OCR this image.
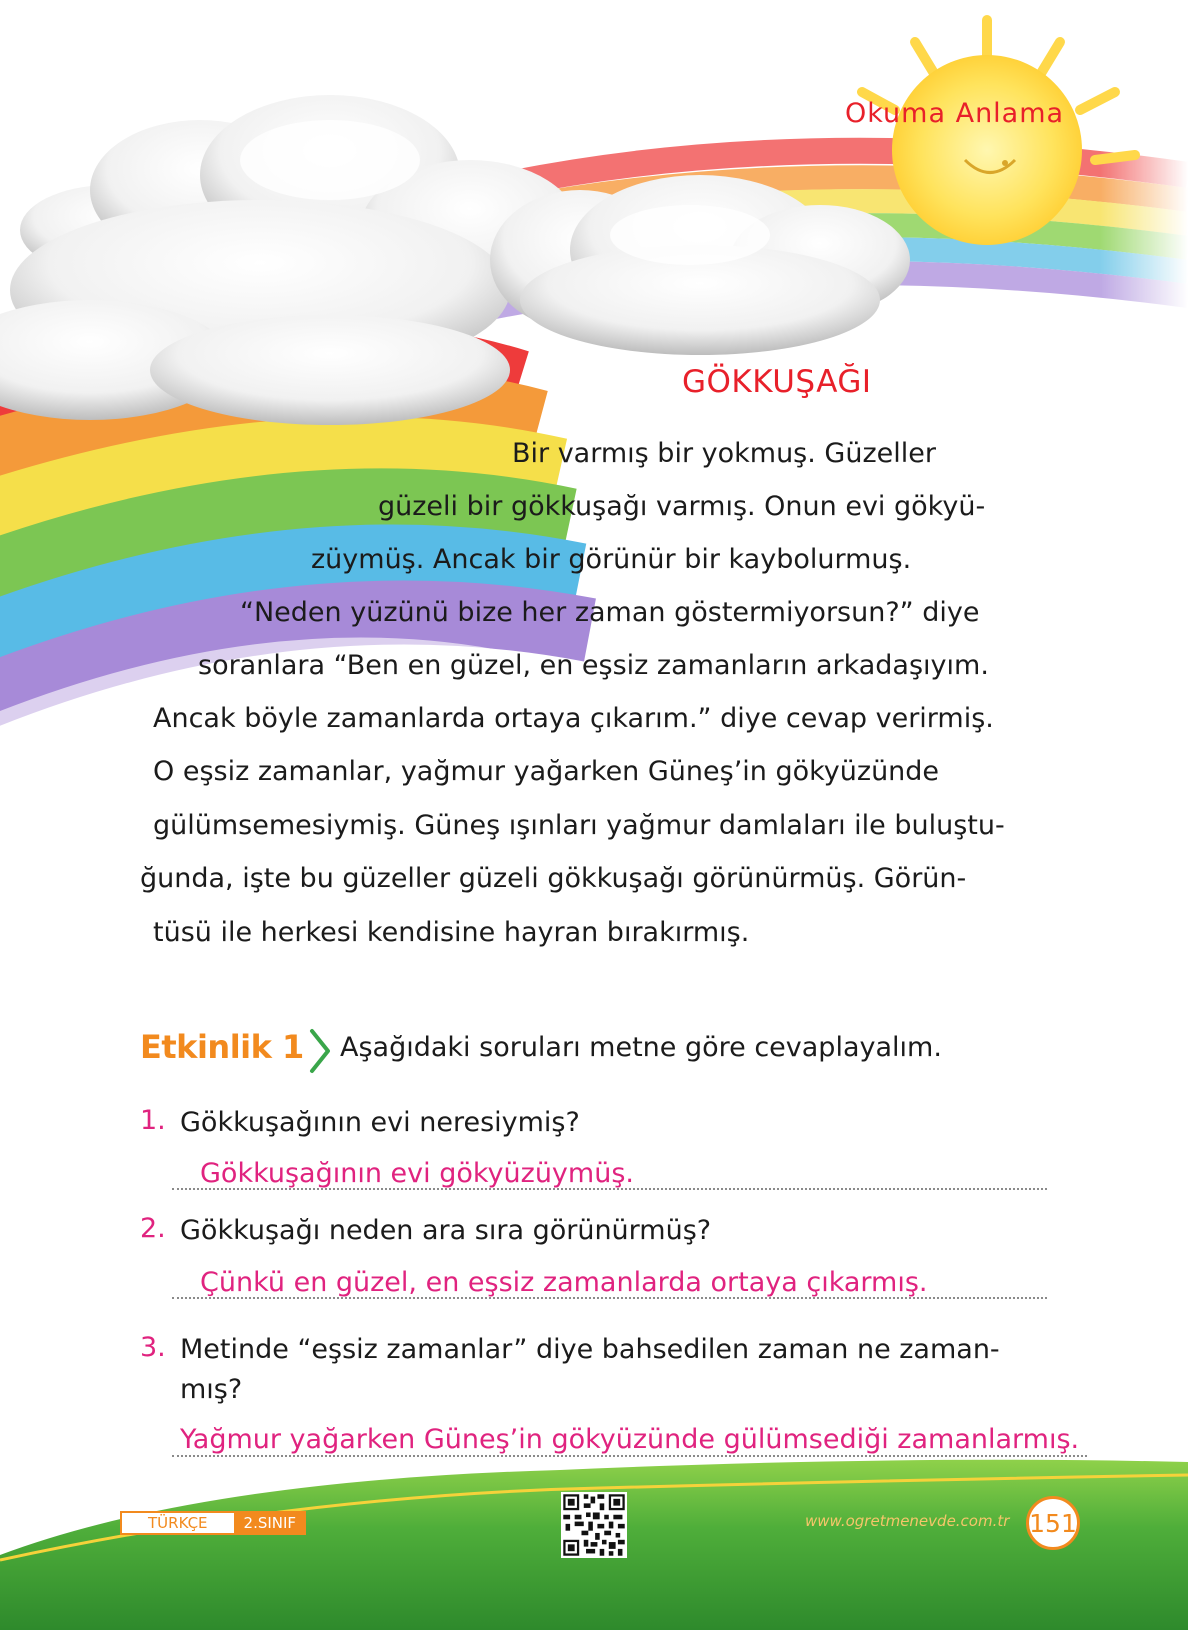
Okuma Anlama
GÖKKUŞAĞI
Bir varmış bir yokmuş. Güzeller
güzeli bir gökkuşağı varmış. Onun evi gökyü-
züymüş. Ancak bir görünür bir kaybolurmuş.
“Neden yüzünü bize her zaman göstermiyorsun?” diye
soranlara “Ben en güzel, en eşsiz zamanların arkadaşıyım.
Ancak böyle zamanlarda ortaya çıkarım.” diye cevap verirmiş.
O eşsiz zamanlar, yağmur yağarken Güneş’in gökyüzünde
gülümsemesiymiş. Güneş ışınları yağmur damlaları ile buluştu-
ğunda, işte bu güzeller güzeli gökkuşağı görünürmüş. Görün-
tüsü ile herkesi kendisine hayran bırakırmış.
Etkinlik 1 Aşağıdaki soruları metne göre cevaplayalım.
1. Gökkuşağının evi neresiymiş?
Gökkuşağının evi gökyüzüymüş.
2. Gökkuşağı neden ara sıra görünürmüş?
Çünkü en güzel, en eşsiz zamanlarda ortaya çıkarmış.
3. Metinde “eşsiz zamanlar” diye bahsedilen zaman ne zaman-
mış?
Yağmur yağarken Güneş’in gökyüzünde gülümsediği zamanlarmış.
TÜRKÇE	2.SINIF	www.ogretmenevde.com.tr 151
